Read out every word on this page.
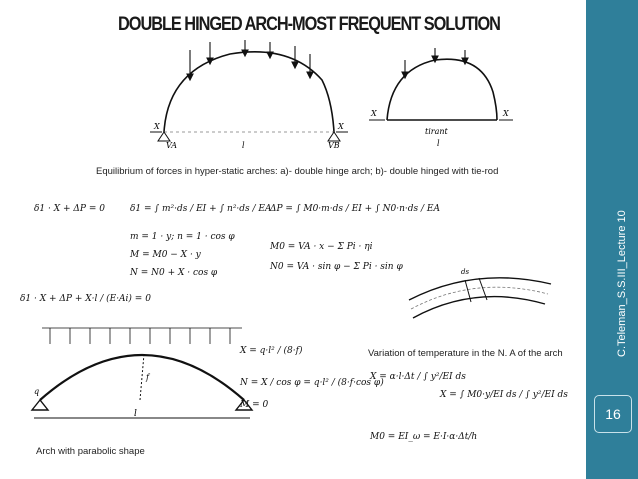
DOUBLE HINGED ARCH-MOST FREQUENT SOLUTION
X	X
VA	VB
l
X	X
tirant
l
Equilibrium of forces in hyper-static arches: a)- double hinge arch; b)- double hinged with tie-rod
δ1 · X + ΔP = 0	δ1 = ∫ m²·ds / EI + ∫ n²·ds / EA
m = 1 · y; n = 1 · cos φ
M = M0 − X · y
N = N0 + X · cos φ
ΔP = ∫ M0·m·ds / EI + ∫ N0·n·ds / EA
M0 = VA · x − Σ Pi · ηi
N0 = VA · sin φ − Σ Pi · sin φ
δ1 · X + ΔP + X·l / (E·Ai) = 0
ds
f
l
q
X = q·l² / (8·f)
N = X / cos φ = q·l² / (8·f·cos φ)
M = 0
Variation of temperature in the N. A of the arch
X = α·l·Δt / ∫ y²/EI ds
X = ∫ M0·y/EI ds / ∫ y²/EI ds
M0 = EI_ω = E·I·α·Δt/h
Arch with parabolic shape
C.Teleman_S.S.III_Lecture 10
16
